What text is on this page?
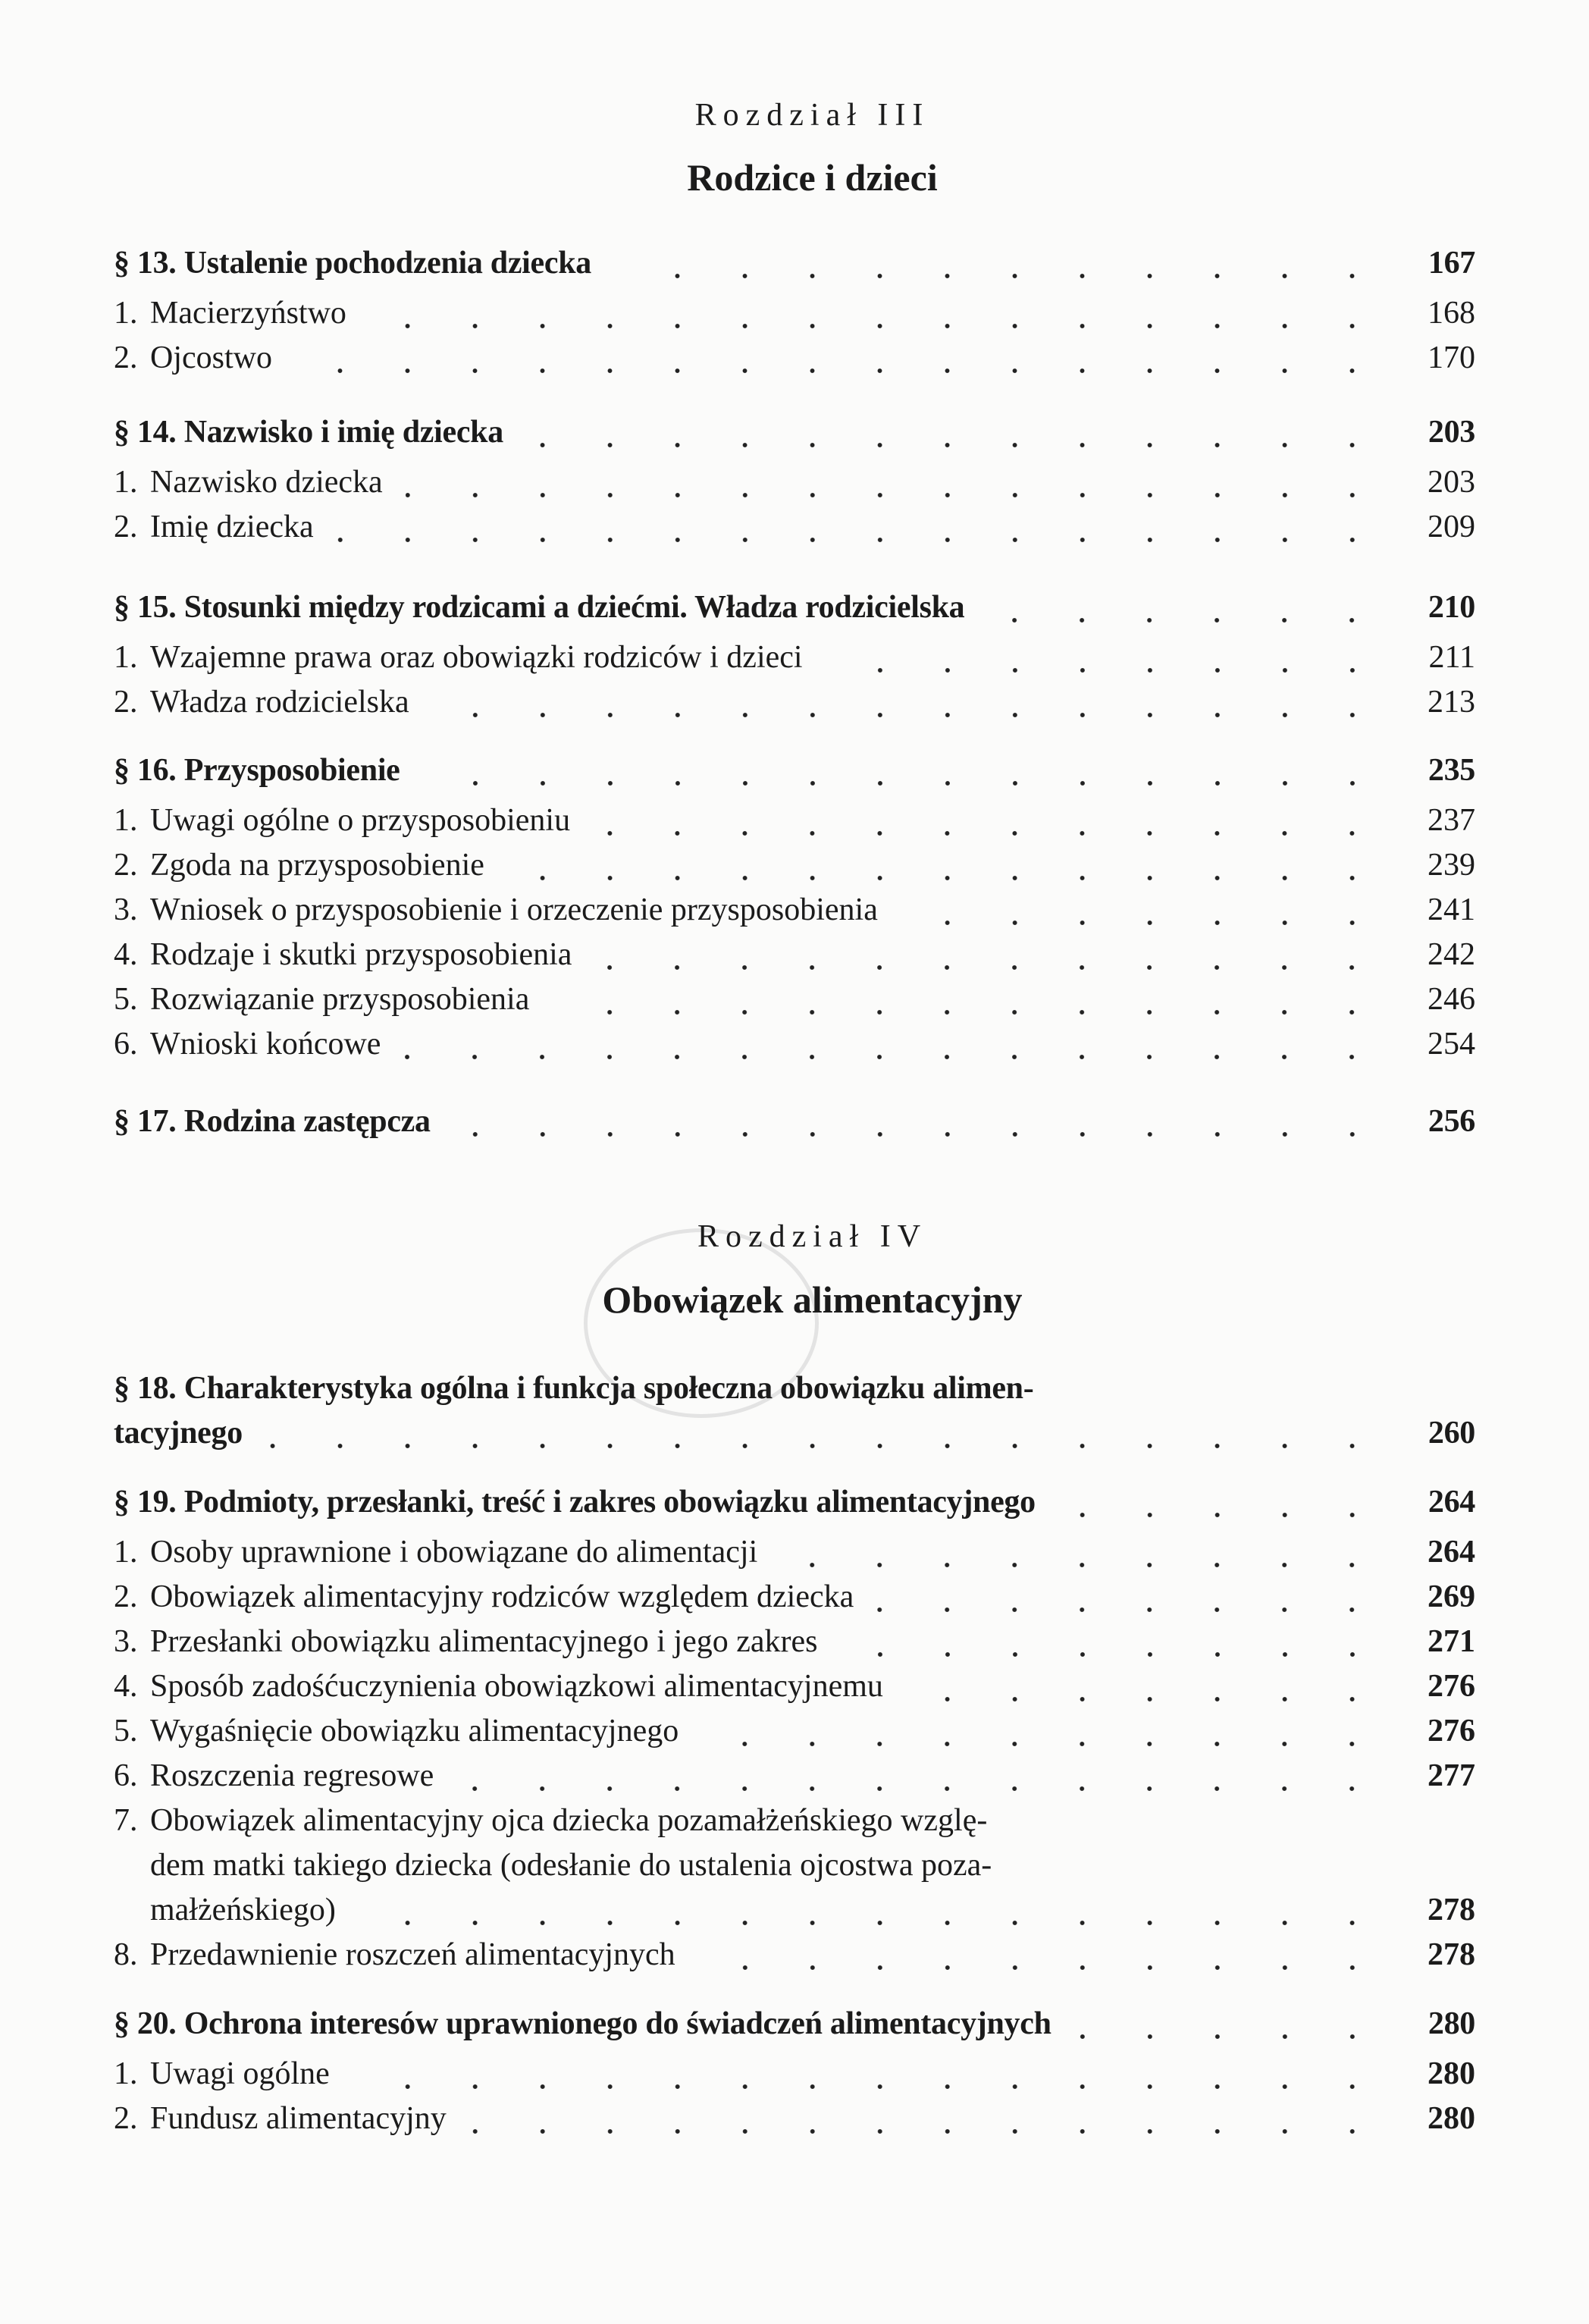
Rozdział III
Rodzice i dzieci
Rozdział IV
Obowiązek alimentacyjny
§ 13. Ustalenie pochodzenia dziecka	167
1. Macierzyństwo	168
2. Ojcostwo	170
§ 14. Nazwisko i imię dziecka	203
1. Nazwisko dziecka	203
2. Imię dziecka	209
§ 15. Stosunki między rodzicami a dziećmi. Władza rodzicielska	210
1. Wzajemne prawa oraz obowiązki rodziców i dzieci	211
2. Władza rodzicielska	213
§ 16. Przysposobienie	235
1. Uwagi ogólne o przysposobieniu	237
2. Zgoda na przysposobienie	239
3. Wniosek o przysposobienie i orzeczenie przysposobienia	241
4. Rodzaje i skutki przysposobienia	242
5. Rozwiązanie przysposobienia	246
6. Wnioski końcowe	254
§ 17. Rodzina zastępcza	256
§ 18. Charakterystyka ogólna i funkcja społeczna obowiązku alimen-
tacyjnego	260
§ 19. Podmioty, przesłanki, treść i zakres obowiązku alimentacyjnego	264
1. Osoby uprawnione i obowiązane do alimentacji	264
2. Obowiązek alimentacyjny rodziców względem dziecka	269
3. Przesłanki obowiązku alimentacyjnego i jego zakres	271
4. Sposób zadośćuczynienia obowiązkowi alimentacyjnemu	276
5. Wygaśnięcie obowiązku alimentacyjnego	276
6. Roszczenia regresowe	277
7. Obowiązek alimentacyjny ojca dziecka pozamałżeńskiego wzglę-
dem matki takiego dziecka (odesłanie do ustalenia ojcostwa poza-
małżeńskiego)	278
8. Przedawnienie roszczeń alimentacyjnych	278
§ 20. Ochrona interesów uprawnionego do świadczeń alimentacyjnych	280
1. Uwagi ogólne	280
2. Fundusz alimentacyjny	280
